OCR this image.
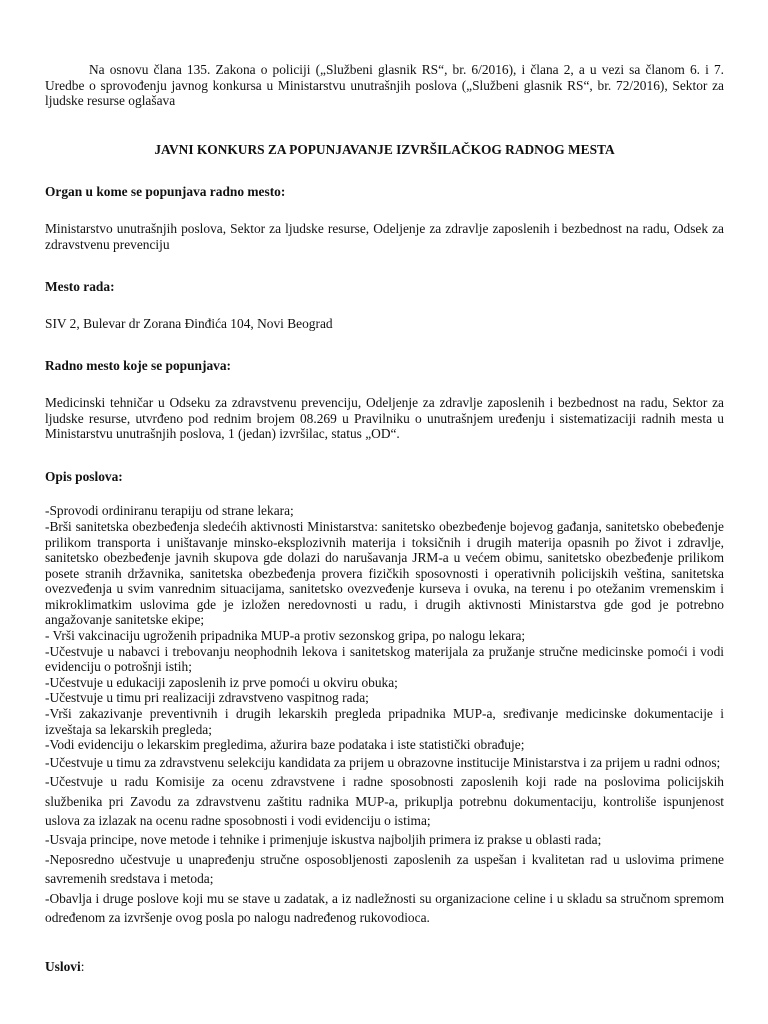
Na osnovu člana 135. Zakona o policiji („Službeni glasnik RS“, br. 6/2016), i člana 2, a u vezi sa članom 6. i 7. Uredbe o sprovođenju javnog konkursa u Ministarstvu unutrašnjih poslova („Službeni glasnik RS“, br. 72/2016), Sektor za ljudske resurse oglašava

JAVNI KONKURS ZA POPUNJAVANJE IZVRŠILAČKOG RADNOG MESTA

Organ u kome se popunjava radno mesto:

Ministarstvo unutrašnjih poslova, Sektor za ljudske resurse, Odeljenje za zdravlje zaposlenih i bezbednost na radu, Odsek za zdravstvenu prevenciju

Mesto rada:

SIV 2, Bulevar dr Zorana Đinđića 104, Novi Beograd

Radno mesto koje se popunjava:

Medicinski tehničar u Odseku za zdravstvenu prevenciju, Odeljenje za zdravlje zaposlenih i bezbednost na radu, Sektor za ljudske resurse, utvrđeno pod rednim brojem 08.269 u Pravilniku o unutrašnjem uređenju i sistematizaciji radnih mesta u Ministarstvu unutrašnjih poslova, 1 (jedan) izvršilac, status „OD“.

Opis poslova:

-Sprovodi ordiniranu terapiju od strane lekara;

-Brši sanitetska obezbeđenja sledećih aktivnosti Ministarstva: sanitetsko obezbeđenje bojevog gađanja, sanitetsko obebeđenje prilikom transporta i uništavanje minsko-eksplozivnih materija i toksičnih i drugih materija opasnih po život i zdravlje, sanitetsko obezbeđenje javnih skupova gde dolazi do narušavanja JRM-a u većem obimu, sanitetsko obezbeđenje prilikom posete stranih državnika, sanitetska obezbeđenja provera fizičkih sposovnosti i operativnih policijskih veština, sanitetska ovezveđenja u svim vanrednim situacijama, sanitetsko ovezveđenje kurseva i ovuka, na terenu i po otežanim vremenskim i mikroklimatkim uslovima gde je izložen neredovnosti u radu, i drugih aktivnosti Ministarstva gde god je potrebno angažovanje sanitetske ekipe;

- Vrši vakcinaciju ugroženih pripadnika MUP-a protiv sezonskog gripa, po nalogu lekara;

-Učestvuje u nabavci i trebovanju neophodnih lekova i sanitetskog materijala za pružanje stručne medicinske pomoći i vodi evidenciju o potrošnji istih;

-Učestvuje u edukaciji zaposlenih iz prve pomoći u okviru obuka;

-Učestvuje u timu pri realizaciji zdravstveno vaspitnog rada;

-Vrši zakazivanje preventivnih i drugih lekarskih pregleda pripadnika MUP-a, sređivanje medicinske dokumentacije i izveštaja sa lekarskih pregleda;

-Vodi evidenciju o lekarskim pregledima, ažurira baze podataka i iste statistički obrađuje;

-Učestvuje u timu za zdravstvenu selekciju kandidata za prijem u obrazovne institucije Ministarstva i za prijem u radni odnos;

-Učestvuje u radu Komisije za ocenu zdravstvene i radne sposobnosti zaposlenih koji rade na poslovima policijskih službenika pri Zavodu za zdravstvenu zaštitu radnika MUP-a, prikuplja potrebnu dokumentaciju, kontroliše ispunjenost uslova za izlazak na ocenu radne sposobnosti i vodi evidenciju o istima;

-Usvaja principe, nove metode i tehnike i primenjuje iskustva najboljih primera iz prakse u oblasti rada;

-Neposredno učestvuje u unapređenju stručne osposobljenosti zaposlenih za uspešan i kvalitetan rad u uslovima primene savremenih sredstava i metoda;

-Obavlja i druge poslove koji mu se stave u zadatak, a iz nadležnosti su organizacione celine i u skladu sa stručnom spremom određenom za izvršenje ovog posla po nalogu nadređenog rukovodioca.

Uslovi:
